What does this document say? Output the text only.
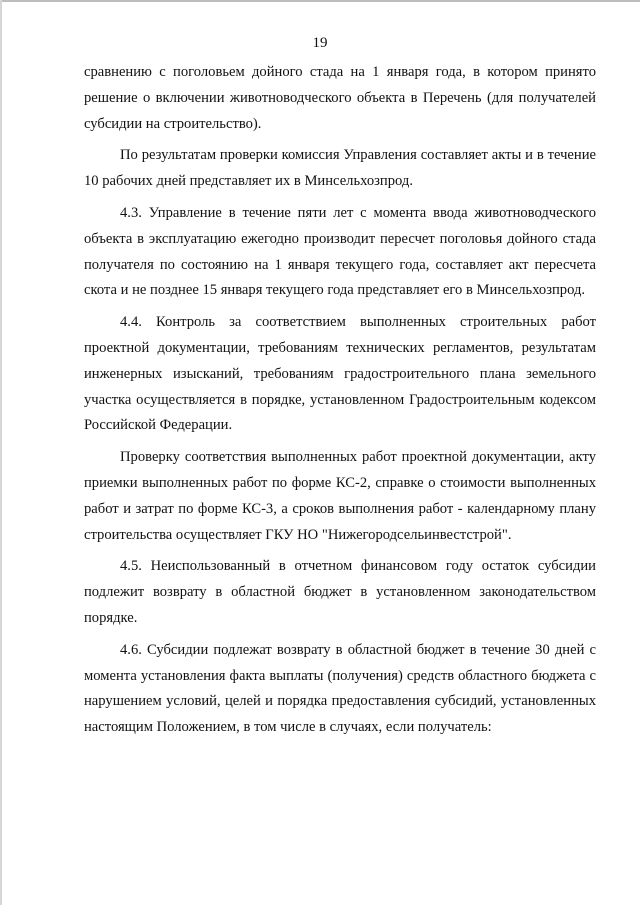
19

сравнению с поголовьем дойного стада на 1 января года, в котором принято решение о включении животноводческого объекта в Перечень (для получателей субсидии на строительство).

По результатам проверки комиссия Управления составляет акты и в течение 10 рабочих дней представляет их в Минсельхозпрод.

4.3. Управление в течение пяти лет с момента ввода животноводческого объекта в эксплуатацию ежегодно производит пересчет поголовья дойного стада получателя по состоянию на 1 января текущего года, составляет акт пересчета скота и не позднее 15 января текущего года представляет его в Минсельхозпрод.

4.4. Контроль за соответствием выполненных строительных работ проектной документации, требованиям технических регламентов, результатам инженерных изысканий, требованиям градостроительного плана земельного участка осуществляется в порядке, установленном Градостроительным кодексом Российской Федерации.

Проверку соответствия выполненных работ проектной документации, акту приемки выполненных работ по форме КС-2, справке о стоимости выполненных работ и затрат по форме КС-3, а сроков выполнения работ - календарному плану строительства осуществляет ГКУ НО "Нижегородсельинвестстрой".

4.5. Неиспользованный в отчетном финансовом году остаток субсидии подлежит возврату в областной бюджет в установленном законодательством порядке.

4.6. Субсидии подлежат возврату в областной бюджет в течение 30 дней с момента установления факта выплаты (получения) средств областного бюджета с нарушением условий, целей и порядка предоставления субсидий, установленных настоящим Положением, в том числе в случаях, если получатель:
